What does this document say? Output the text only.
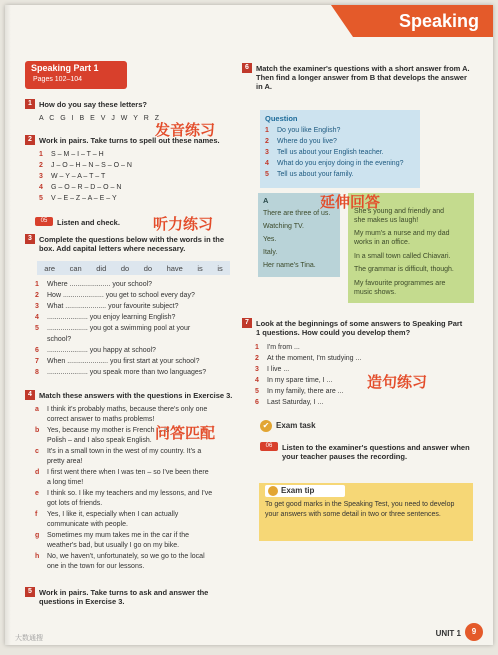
Speaking
Speaking Part 1
Pages 102–104
1 How do you say these letters?
A C G I B E V J W Y R Z
2 Work in pairs. Take turns to spell out these names.
1 S – M – I – T – H
2 J – O – H – N – S – O – N
3 W – Y – A – T – T
4 G – O – R – D – O – N
5 V – E – Z – A – E – Y
05	Listen and check.
3 Complete the questions below with the words in the box. Add capital letters where necessary.
are can did do do have is is
1 Where ..................... your school?
2 How ..................... you get to school every day?
3 What ..................... your favourite subject?
4 ..................... you enjoy learning English?
5 ..................... you got a swimming pool at your
school?
6 ..................... you happy at school?
7 When ..................... you first start at your school?
8 ..................... you speak more than two languages?
4 Match these answers with the questions in Exercise 3.
a I think it's probably maths, because there's only one
correct answer to maths problems!
b Yes, because my mother is French ... is
Polish – and I also speak English.
c It's in a small town in the west of my country. It's a
pretty area!
d I first went there when I was ten – so I've been there
a long time!
e I think so. I like my teachers and my lessons, and I've
got lots of friends.
f Yes, I like it, especially when I can actually
communicate with people.
g Sometimes my mum takes me in the car if the
weather's bad, but usually I go on my bike.
h No, we haven't, unfortunately, so we go to the local
one in the town for our lessons.
5 Work in pairs. Take turns to ask and answer the questions in Exercise 3.
6 Match the examiner's questions with a short answer from A. Then find a longer answer from B that develops the answer in A.
Question
1 Do you like English?
2 Where do you live?
3 Tell us about your English teacher.
4 What do you enjoy doing in the evening?
5 Tell us about your family.
A
There are three of us.
Watching TV.
Yes.
Italy.
Her name's Tina.
She's young and friendly and
she makes us laugh!
My mum's a nurse and my dad
works in an office.
In a small town called Chiavari.
The grammar is difficult, though.
My favourite programmes are
music shows.
7 Look at the beginnings of some answers to Speaking Part 1 questions. How could you develop them?
1 I'm from ...
2 At the moment, I'm studying ...
3 I live ...
4 In my spare time, I ...
5 In my family, there are ...
6 Last Saturday, I ...
✔ Exam task
06	Listen to the examiner's questions and answer when your teacher pauses the recording.
Exam tip
To get good marks in the Speaking Test, you need to develop your answers with some detail in two or three sentences.
发音练习
听力练习
延伸回答
造句练习
问答匹配
大数通搜
UNIT 1	9
